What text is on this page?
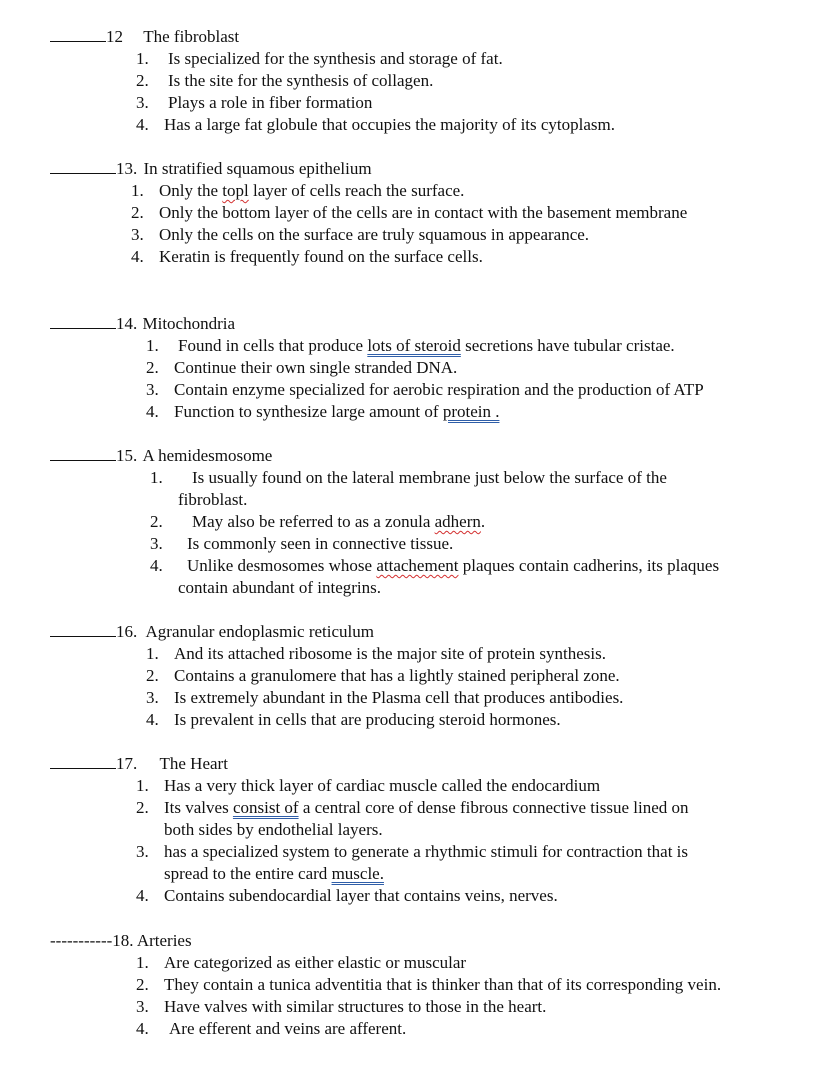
12 The fibroblast
1. Is specialized for the synthesis and storage of fat.
2. Is the site for the synthesis of collagen.
3. Plays a role in fiber formation
4. Has a large fat globule that occupies the majority of its cytoplasm.
13. In stratified squamous epithelium
1. Only the topl layer of cells reach the surface.
2. Only the bottom layer of the cells are in contact with the basement membrane
3. Only the cells on the surface are truly squamous in appearance.
4. Keratin is frequently found on the surface cells.
14. Mitochondria
1. Found in cells that produce lots of steroid secretions have tubular cristae.
2. Continue their own single stranded DNA.
3. Contain enzyme specialized for aerobic respiration and the production of ATP
4. Function to synthesize large amount of protein .
15. A hemidesmosome
1. Is usually found on the lateral membrane just below the surface of the
fibroblast.
2. May also be referred to as a zonula adhern.
3. Is commonly seen in connective tissue.
4. Unlike desmosomes whose attachement plaques contain cadherins, its plaques
contain abundant of integrins.
16. Agranular endoplasmic reticulum
1. And its attached ribosome is the major site of protein synthesis.
2. Contains a granulomere that has a lightly stained peripheral zone.
3. Is extremely abundant in the Plasma cell that produces antibodies.
4. Is prevalent in cells that are producing steroid hormones.
17. The Heart
1. Has a very thick layer of cardiac muscle called the endocardium
2. Its valves consist of a central core of dense fibrous connective tissue lined on
both sides by endothelial layers.
3. has a specialized system to generate a rhythmic stimuli for contraction that is
spread to the entire card muscle.
4. Contains subendocardial layer that contains veins, nerves.
-----------18. Arteries
1. Are categorized as either elastic or muscular
2. They contain a tunica adventitia that is thinker than that of its corresponding vein.
3. Have valves with similar structures to those in the heart.
4. Are efferent and veins are afferent.
